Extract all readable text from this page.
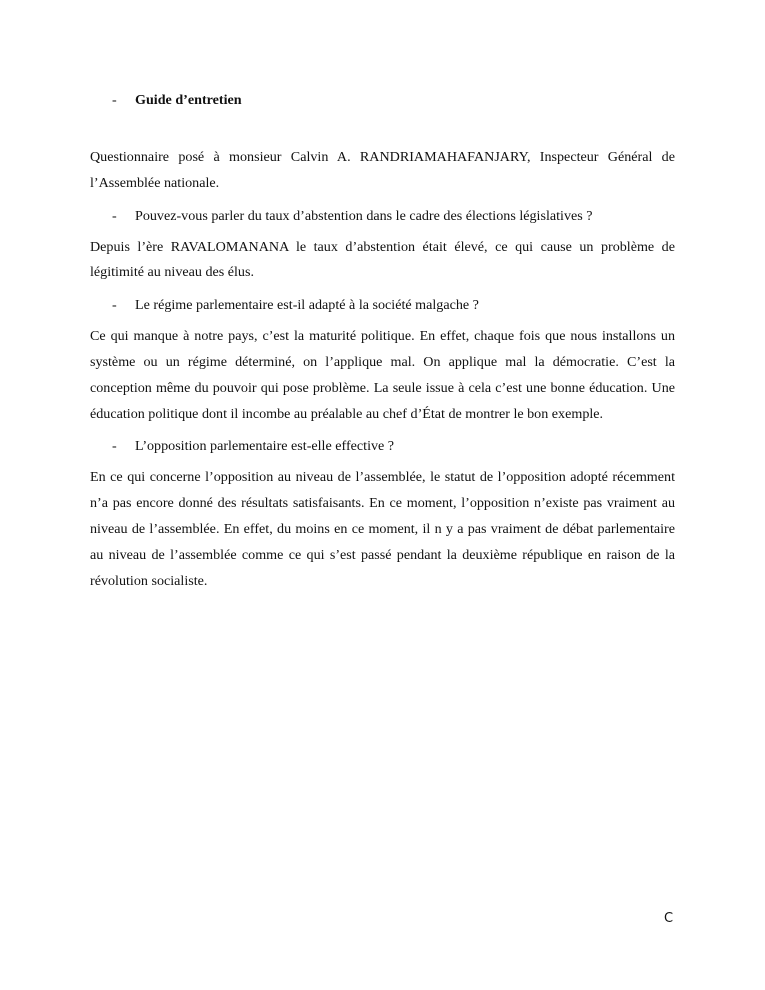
- Guide d’entretien

Questionnaire posé à monsieur Calvin A. RANDRIAMAHAFANJARY, Inspecteur Général de l’Assemblée nationale.

- Pouvez-vous parler du taux d’abstention dans le cadre des élections législatives ?

Depuis l’ère RAVALOMANANA le taux d’abstention était élevé, ce qui cause un problème de légitimité au niveau des élus.

- Le régime parlementaire est-il adapté à la société malgache ?

Ce qui manque à notre pays, c’est la maturité politique. En effet, chaque fois que nous installons un système ou un régime déterminé, on l’applique mal. On applique mal la démocratie. C’est la conception même du pouvoir qui pose problème. La seule issue à cela c’est une bonne éducation. Une éducation politique dont il incombe au préalable au chef d’État de montrer le bon exemple.

- L’opposition parlementaire est-elle effective ?

En ce qui concerne l’opposition au niveau de l’assemblée, le statut de l’opposition adopté récemment n’a pas encore donné des résultats satisfaisants. En ce moment, l’opposition n’existe pas vraiment au niveau de l’assemblée. En effet, du moins en ce moment, il n y a pas vraiment de débat parlementaire au niveau de l’assemblée comme ce qui s’est passé pendant la deuxième république en raison de la révolution socialiste.

C
